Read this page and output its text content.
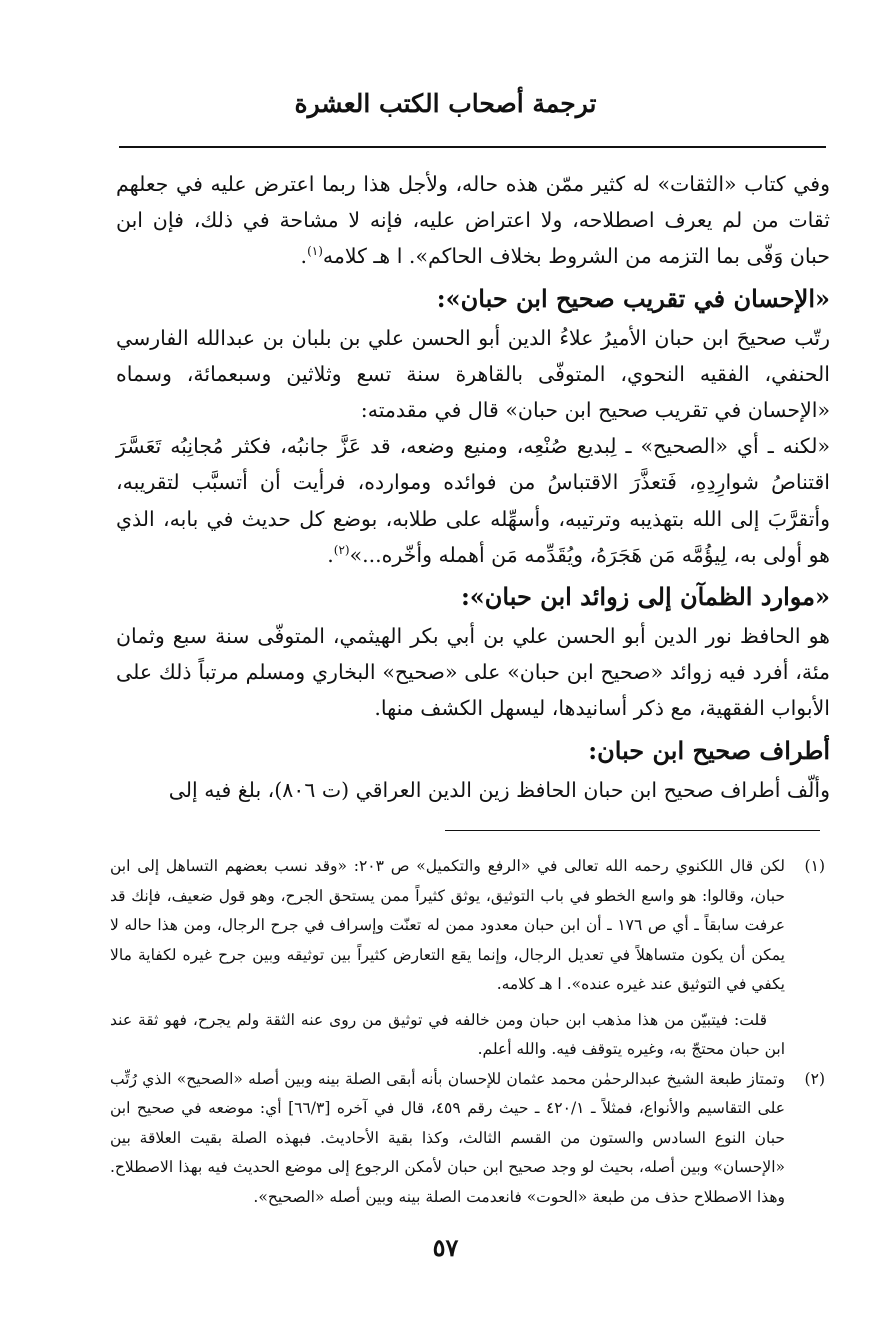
ترجمة أصحاب الكتب العشرة

وفي كتاب «الثقات» له كثير ممّن هذه حاله، ولأجل هذا ربما اعترض عليه في جعلهم ثقات من لم يعرف اصطلاحه، ولا اعتراض عليه، فإنه لا مشاحة في ذلك، فإن ابن حبان وَفّى بما التزمه من الشروط بخلاف الحاكم». ا هـ كلامه$^{(١)}$.

«الإحسان في تقريب صحيح ابن حبان»:

رتّب صحيحَ ابن حبان الأميرُ علاءُ الدين أبو الحسن علي بن بلبان بن عبدالله الفارسي الحنفي، الفقيه النحوي، المتوفّى بالقاهرة سنة تسع وثلاثين وسبعمائة، وسماه «الإحسان في تقريب صحيح ابن حبان» قال في مقدمته:

«لكنه ـ أي «الصحيح» ـ لِبديع صُنْعِه، ومنيع وضعه، قد عَزَّ جانبُه، فكثر مُجانِبُه تَعَسَّرَ اقتناصُ شوارِدِهِ، فَتعذَّرَ الاقتباسُ من فوائده وموارده، فرأيت أن أتسبَّب لتقريبه، وأتقرَّبَ إلى الله بتهذيبه وترتيبه، وأسهِّله على طلابه، بوضع كل حديث في بابه، الذي هو أولى به، لِيؤُمَّه مَن هَجَرَهُ، ويُقَدِّمه مَن أهمله وأخّره...»$^{(٢)}$.

«موارد الظمآن إلى زوائد ابن حبان»:

هو الحافظ نور الدين أبو الحسن علي بن أبي بكر الهيثمي، المتوفّى سنة سبع وثمان مئة، أفرد فيه زوائد «صحيح ابن حبان» على «صحيح» البخاري ومسلم مرتباً ذلك على الأبواب الفقهية، مع ذكر أسانيدها، ليسهل الكشف منها.

أطراف صحيح ابن حبان:

وألّف أطراف صحيح ابن حبان الحافظ زين الدين العراقي (ت ٨٠٦)، بلغ فيه إلى

(١)
لكن قال اللكنوي رحمه الله تعالى في «الرفع والتكميل» ص ٢٠٣: «وقد نسب بعضهم التساهل إلى ابن حبان، وقالوا: هو واسع الخطو في باب التوثيق، يوثق كثيراً ممن يستحق الجرح، وهو قول ضعيف، فإنك قد عرفت سابقاً ـ أي ص ١٧٦ ـ أن ابن حبان معدود ممن له تعنّت وإسراف في جرح الرجال، ومن هذا حاله لا يمكن أن يكون متساهلاً في تعديل الرجال، وإنما يقع التعارض كثيراً بين توثيقه وبين جرح غيره لكفاية مالا يكفي في التوثيق عند غيره عنده». ا هـ كلامه.

قلت: فيتبيّن من هذا مذهب ابن حبان ومن خالفه في توثيق من روى عنه الثقة ولم يجرح، فهو ثقة عند ابن حبان محتجّ به، وغيره يتوقف فيه. والله أعلم.

(٢)
وتمتاز طبعة الشيخ عبدالرحمٰن محمد عثمان للإحسان بأنه أبقى الصلة بينه وبين أصله «الصحيح» الذي رُتِّب على التقاسيم والأنواع، فمثلاً ـ ٤٢٠/١ ـ حيث رقم ٤٥٩، قال في آخره [٦٦/٣] أي: موضعه في صحيح ابن حبان النوع السادس والستون من القسم الثالث، وكذا بقية الأحاديث. فبهذه الصلة بقيت العلاقة بين «الإحسان» وبين أصله، بحيث لو وجد صحيح ابن حبان لأمكن الرجوع إلى موضع الحديث فيه بهذا الاصطلاح. وهذا الاصطلاح حذف من طبعة «الحوت» فانعدمت الصلة بينه وبين أصله «الصحيح».

٥٧
